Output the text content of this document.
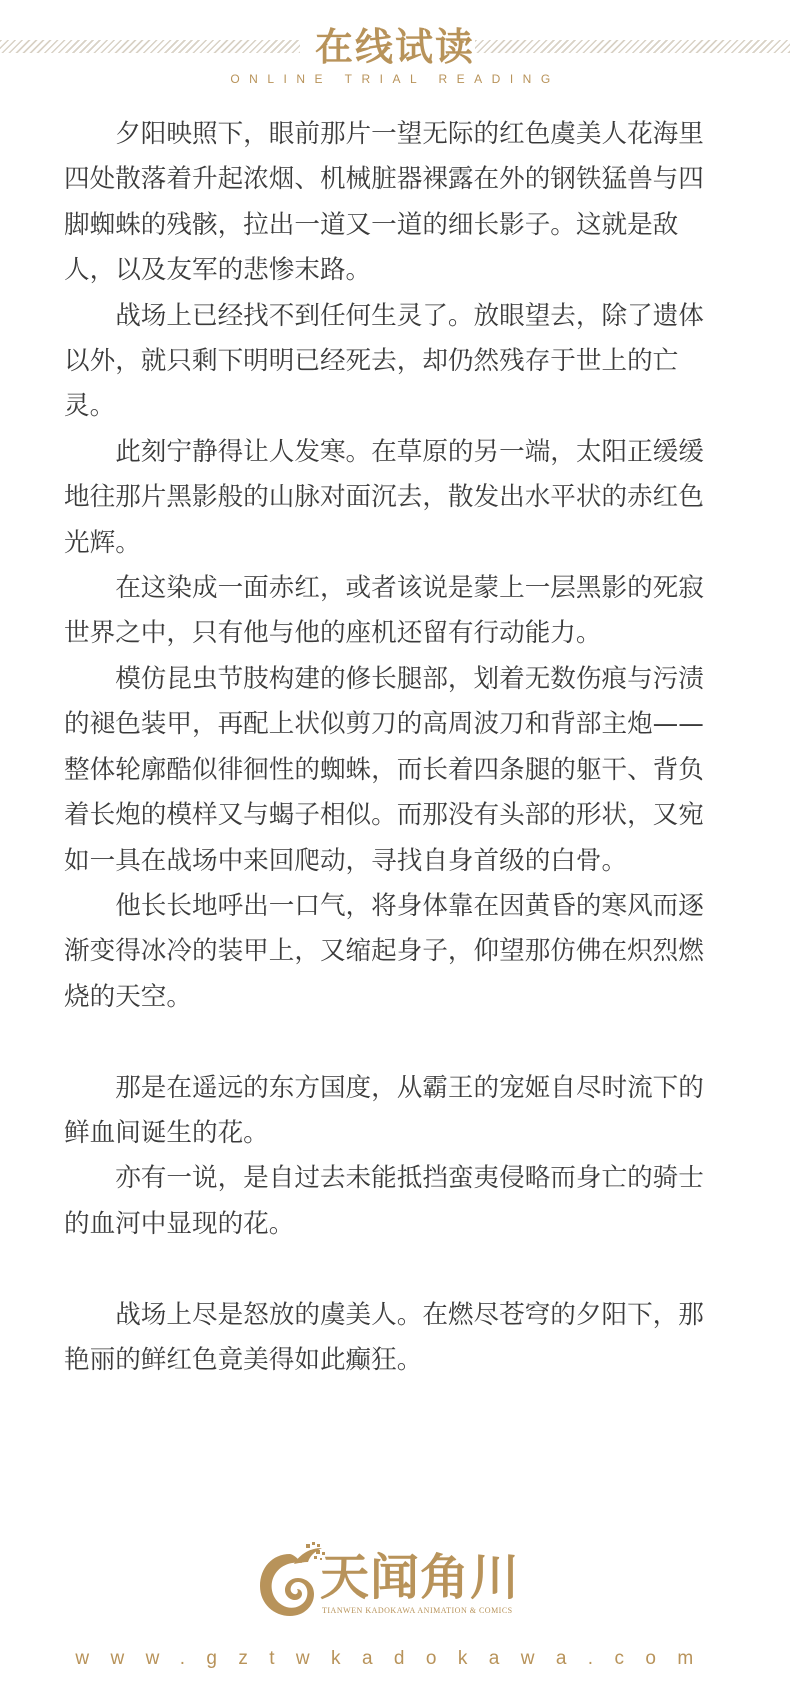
在线试读
ONLINE TRIAL READING

夕阳映照下，眼前那片一望无际的红色虞美人花海里四处散落着升起浓烟、机械脏器裸露在外的钢铁猛兽与四脚蜘蛛的残骸，拉出一道又一道的细长影子。这就是敌人，以及友军的悲惨末路。

战场上已经找不到任何生灵了。放眼望去，除了遗体以外，就只剩下明明已经死去，却仍然残存于世上的亡灵。

此刻宁静得让人发寒。在草原的另一端，太阳正缓缓地往那片黑影般的山脉对面沉去，散发出水平状的赤红色光辉。

在这染成一面赤红，或者该说是蒙上一层黑影的死寂世界之中，只有他与他的座机还留有行动能力。

模仿昆虫节肢构建的修长腿部，划着无数伤痕与污渍的褪色装甲，再配上状似剪刀的高周波刀和背部主炮——整体轮廓酷似徘徊性的蜘蛛，而长着四条腿的躯干、背负着长炮的模样又与蝎子相似。而那没有头部的形状，又宛如一具在战场中来回爬动，寻找自身首级的白骨。

他长长地呼出一口气，将身体靠在因黄昏的寒风而逐渐变得冰冷的装甲上，又缩起身子，仰望那仿佛在炽烈燃烧的天空。

那是在遥远的东方国度，从霸王的宠姬自尽时流下的鲜血间诞生的花。

亦有一说，是自过去未能抵挡蛮夷侵略而身亡的骑士的血河中显现的花。

战场上尽是怒放的虞美人。在燃尽苍穹的夕阳下，那艳丽的鲜红色竟美得如此癫狂。

天闻角川
TIANWEN KADOKAWA ANIMATION & COMICS
www.gztwkadokawa.com
